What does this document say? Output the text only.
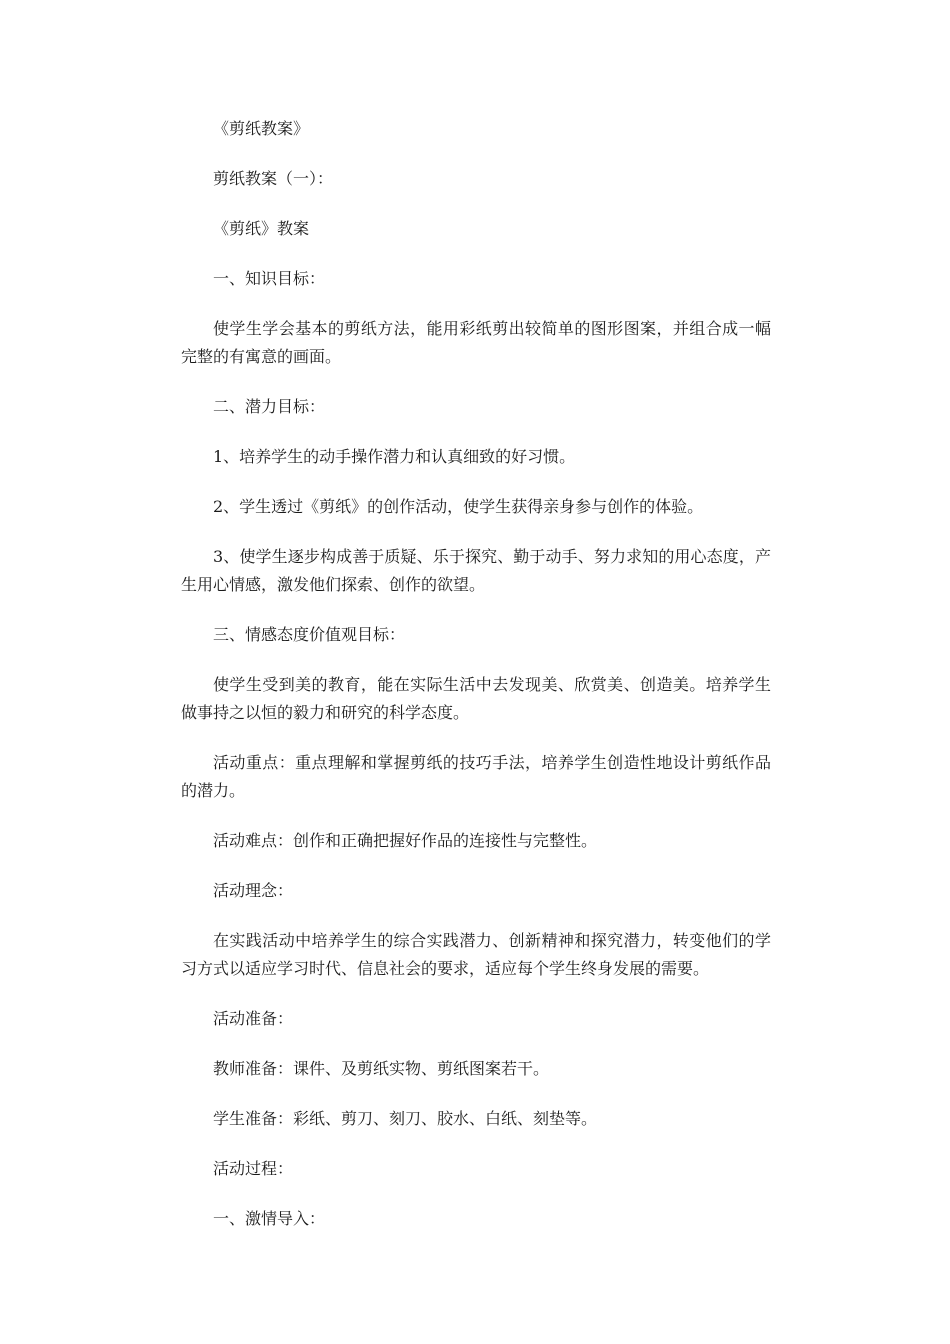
《剪纸教案》

剪纸教案（一）：

《剪纸》教案

一、知识目标：

使学生学会基本的剪纸方法，能用彩纸剪出较简单的图形图案，并组合成一幅完整的有寓意的画面。

二、潜力目标：

1、培养学生的动手操作潜力和认真细致的好习惯。

2、学生透过《剪纸》的创作活动，使学生获得亲身参与创作的体验。

3、使学生逐步构成善于质疑、乐于探究、勤于动手、努力求知的用心态度，产生用心情感，激发他们探索、创作的欲望。

三、情感态度价值观目标：

使学生受到美的教育，能在实际生活中去发现美、欣赏美、创造美。培养学生做事持之以恒的毅力和研究的科学态度。

活动重点：重点理解和掌握剪纸的技巧手法，培养学生创造性地设计剪纸作品的潜力。

活动难点：创作和正确把握好作品的连接性与完整性。

活动理念：

在实践活动中培养学生的综合实践潜力、创新精神和探究潜力，转变他们的学习方式以适应学习时代、信息社会的要求，适应每个学生终身发展的需要。

活动准备：

教师准备：课件、及剪纸实物、剪纸图案若干。

学生准备：彩纸、剪刀、刻刀、胶水、白纸、刻垫等。

活动过程：

一、激情导入：
